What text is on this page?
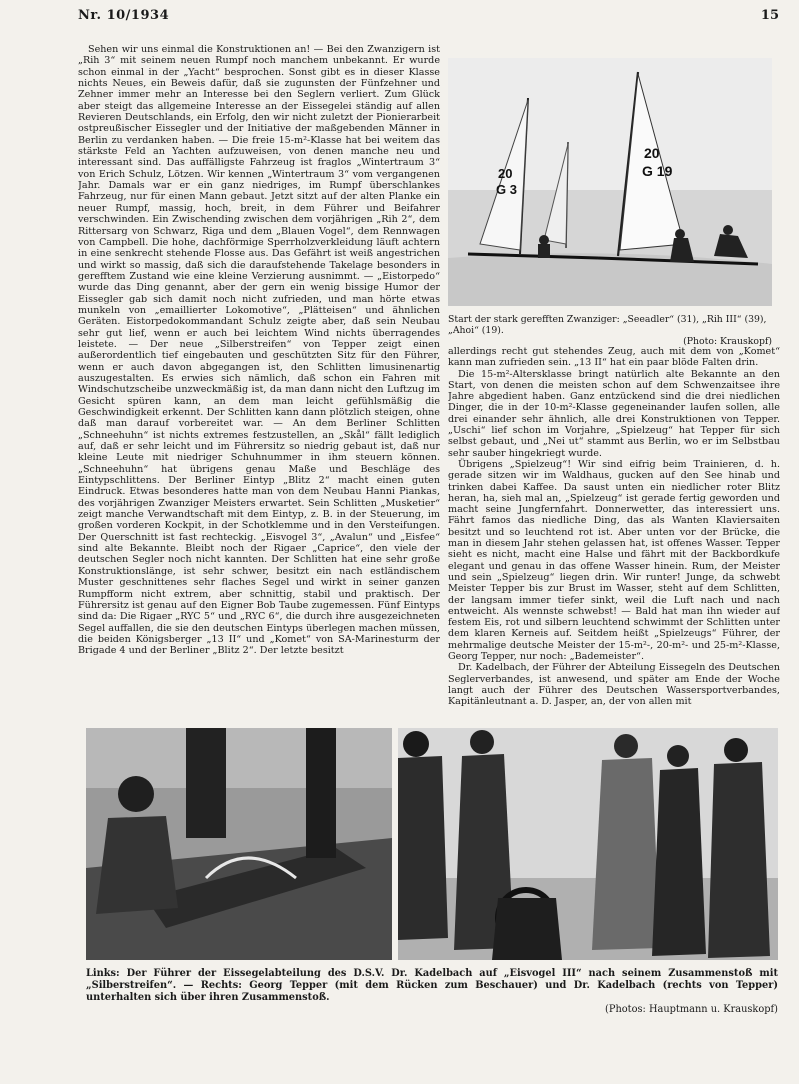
Nr. 10/1934	15

Sehen wir uns einmal die Konstruktionen an! — Bei den Zwanzigern ist „Rih 3“ mit seinem neuen Rumpf noch manchem unbekannt. Er wurde schon einmal in der „Yacht“ besprochen. Sonst gibt es in dieser Klasse nichts Neues, ein Beweis dafür, daß sie zugunsten der Fünfzehner und Zehner immer mehr an Interesse bei den Seglern verliert. Zum Glück aber steigt das allgemeine Interesse an der Eissegelei ständig auf allen Revieren Deutschlands, ein Erfolg, den wir nicht zuletzt der Pionierarbeit ostpreußischer Eissegler und der Initiative der maßgebenden Männer in Berlin zu verdanken haben. — Die freie 15-m²-Klasse hat bei weitem das stärkste Feld an Yachten aufzuweisen, von denen manche neu und interessant sind. Das auffälligste Fahrzeug ist fraglos „Wintertraum 3“ von Erich Schulz, Lötzen. Wir kennen „Wintertraum 3“ vom vergangenen Jahr. Damals war er ein ganz niedriges, im Rumpf überschlankes Fahrzeug, nur für einen Mann gebaut. Jetzt sitzt auf der alten Planke ein neuer Rumpf, massig, hoch, breit, in dem Führer und Beifahrer verschwinden. Ein Zwischending zwischen dem vorjährigen „Rih 2“, dem Rittersarg von Schwarz, Riga und dem „Blauen Vogel“, dem Rennwagen von Campbell. Die hohe, dachförmige Sperrholzverkleidung läuft achtern in eine senkrecht stehende Flosse aus. Das Gefährt ist weiß angestrichen und wirkt so massig, daß sich die daraufstehende Takelage besonders in gerefftem Zustand wie eine kleine Verzierung ausnimmt. — „Eistorpedo“ wurde das Ding genannt, aber der gern ein wenig bissige Humor der Eissegler gab sich damit noch nicht zufrieden, und man hörte etwas munkeln von „emaillierter Lokomotive“, „Plätteisen“ und ähnlichen Geräten. Eistorpedokommandant Schulz zeigte aber, daß sein Neubau sehr gut lief, wenn er auch bei leichtem Wind nichts überragendes leistete. — Der neue „Silberstreifen“ von Tepper zeigt einen außerordentlich tief eingebauten und geschützten Sitz für den Führer, wenn er auch davon abgegangen ist, den Schlitten limusinenartig auszugestalten. Es erwies sich nämlich, daß schon ein Fahren mit Windschutzscheibe unzweckmäßig ist, da man dann nicht den Luftzug im Gesicht spüren kann, an dem man leicht gefühlsmäßig die Geschwindigkeit erkennt. Der Schlitten kann dann plötzlich steigen, ohne daß man darauf vorbereitet war. — An dem Berliner Schlitten „Schneehuhn“ ist nichts extremes festzustellen, an „Skål“ fällt lediglich auf, daß er sehr leicht und im Führersitz so niedrig gebaut ist, daß nur kleine Leute mit niedriger Schuhnummer in ihm steuern können. „Schneehuhn“ hat übrigens genau Maße und Beschläge des Eintypschlittens. Der Berliner Eintyp „Blitz 2“ macht einen guten Eindruck. Etwas besonderes hatte man von dem Neubau Hanni Piankas, des vorjährigen Zwanziger Meisters erwartet. Sein Schlitten „Musketier“ zeigt manche Verwandtschaft mit dem Eintyp, z. B. in der Steuerung, im großen vorderen Kockpit, in der Schotklemme und in den Versteifungen. Der Querschnitt ist fast rechteckig. „Eisvogel 3“, „Avalun“ und „Eisfee“ sind alte Bekannte. Bleibt noch der Rigaer „Caprice“, den viele der deutschen Segler noch nicht kannten. Der Schlitten hat eine sehr große Konstruktionslänge, ist sehr schwer, besitzt ein nach estländischem Muster geschnittenes sehr flaches Segel und wirkt in seiner ganzen Rumpfform nicht extrem, aber schnittig, stabil und praktisch. Der Führersitz ist genau auf den Eigner Bob Taube zugemessen. Fünf Eintyps sind da: Die Rigaer „RYC 5“ und „RYC 6“, die durch ihre ausgezeichneten Segel auffallen, die sie den deutschen Eintyps überlegen machen müssen, die beiden Königsberger „13 II“ und „Komet“ von SA-Marinesturm der Brigade 4 und der Berliner „Blitz 2“. Der letzte besitzt

20
G 3
20
G 19
Start der stark gerefften Zwanziger: „Seeadler“ (31), „Rih III“ (39), „Ahoi“ (19).
(Photo: Krauskopf)

allerdings recht gut stehendes Zeug, auch mit dem von „Komet“ kann man zufrieden sein. „13 II“ hat ein paar blöde Falten drin.

Die 15-m²-Altersklasse bringt natürlich alte Bekannte an den Start, von denen die meisten schon auf dem Schwenzaitsee ihre Jahre abgedient haben. Ganz entzückend sind die drei niedlichen Dinger, die in der 10-m²-Klasse gegeneinander laufen sollen, alle drei einander sehr ähnlich, alle drei Konstruktionen von Tepper. „Uschi“ lief schon im Vorjahre, „Spielzeug“ hat Tepper für sich selbst gebaut, und „Nei ut“ stammt aus Berlin, wo er im Selbstbau sehr sauber hingekriegt wurde.

Übrigens „Spielzeug“! Wir sind eifrig beim Trainieren, d. h. gerade sitzen wir im Waldhaus, gucken auf den See hinab und trinken dabei Kaffee. Da saust unten ein niedlicher roter Blitz heran, ha, sieh mal an, „Spielzeug“ ist gerade fertig geworden und macht seine Jungfernfahrt. Donnerwetter, das interessiert uns. Fährt famos das niedliche Ding, das als Wanten Klaviersaiten besitzt und so leuchtend rot ist. Aber unten vor der Brücke, die man in diesem Jahr stehen gelassen hat, ist offenes Wasser. Tepper sieht es nicht, macht eine Halse und fährt mit der Backbordkufe elegant und genau in das offene Wasser hinein. Rum, der Meister und sein „Spielzeug“ liegen drin. Wir runter! Junge, da schwebt Meister Tepper bis zur Brust im Wasser, steht auf dem Schlitten, der langsam immer tiefer sinkt, weil die Luft nach und nach entweicht. Als wennste schwebst! — Bald hat man ihn wieder auf festem Eis, rot und silbern leuchtend schwimmt der Schlitten unter dem klaren Kerneis auf. Seitdem heißt „Spielzeugs“ Führer, der mehrmalige deutsche Meister der 15-m²-, 20-m²- und 25-m²-Klasse, Georg Tepper, nur noch: „Bademeister“.

Dr. Kadelbach, der Führer der Abteilung Eissegeln des Deutschen Seglerverbandes, ist anwesend, und später am Ende der Woche langt auch der Führer des Deutschen Wassersportverbandes, Kapitänleutnant a. D. Jasper, an, der von allen mit

Links: Der Führer der Eissegelabteilung des D.S.V. Dr. Kadelbach auf „Eisvogel III“ nach seinem Zusammenstoß mit „Silberstreifen“. — Rechts: Georg Tepper (mit dem Rücken zum Beschauer) und Dr. Kadelbach (rechts von Tepper) unterhalten sich über ihren Zusammenstoß.
(Photos: Hauptmann u. Krauskopf)
